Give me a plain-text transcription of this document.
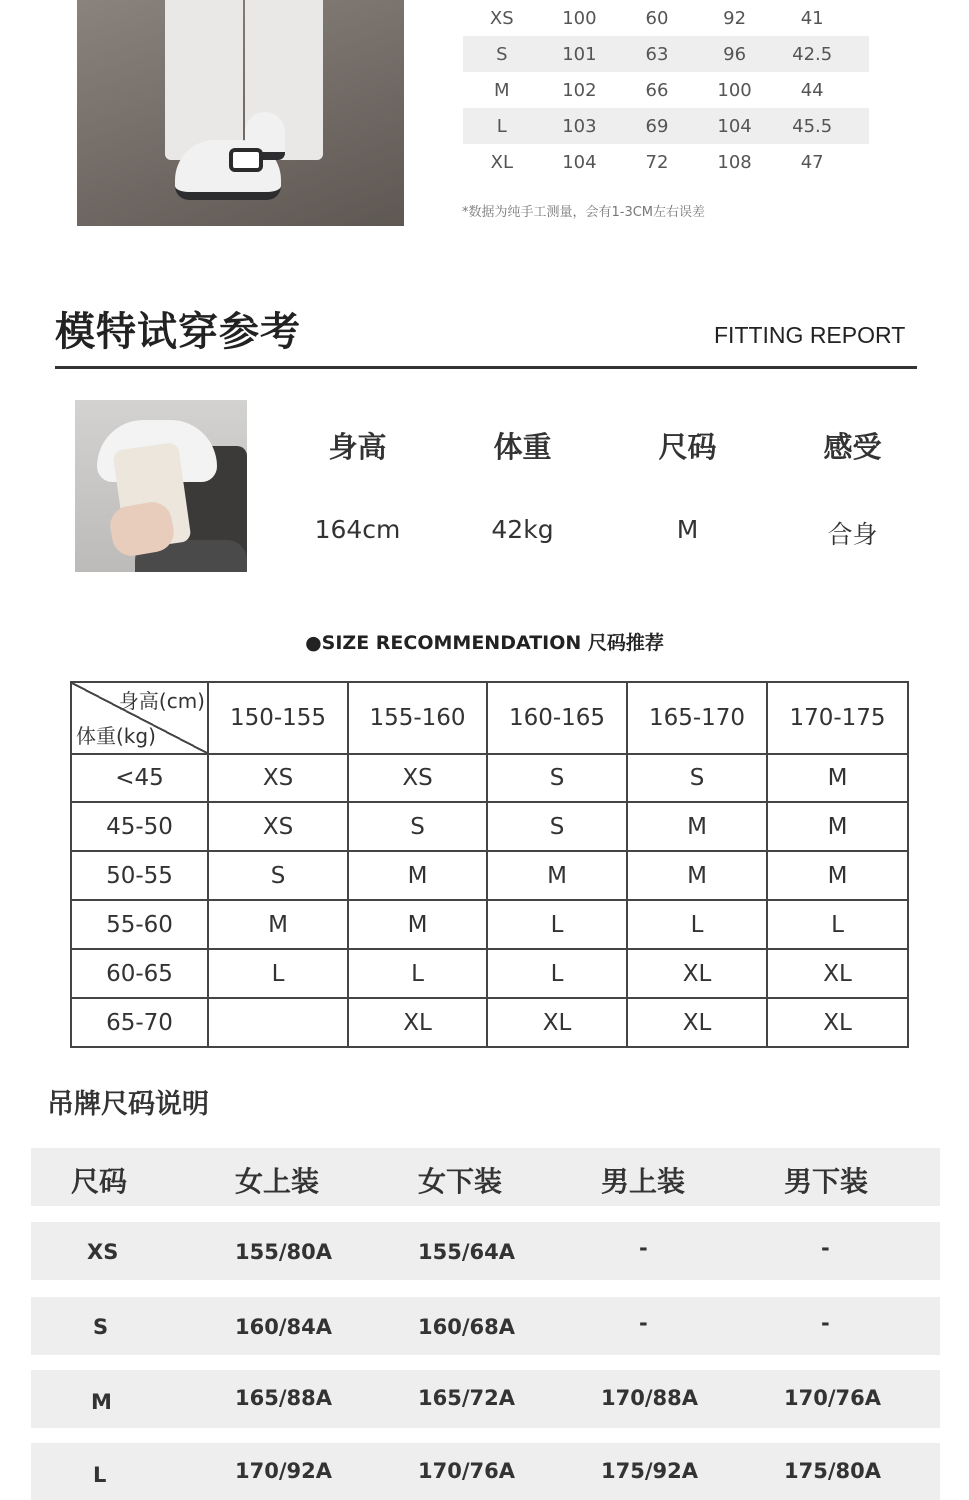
XS	100	60	92	41
S	101	63	96	42.5
M	102	66	100	44
L	103	69	104	45.5
XL	104	72	108	47
*数据为纯手工测量，会有1-3CM左右误差
模特试穿参考	FITTING REPORT
身高	体重	尺码	感受
164cm	42kg	M	合身
●SIZE RECOMMENDATION 尺码推荐
身高(cm)
体重(kg)	150-155	155-160	160-165	165-170	170-175
<45	XS	XS	S	S	M
45-50	XS	S	S	M	M
50-55	S	M	M	M	M
55-60	M	M	L	L	L
60-65	L	L	L	XL	XL
65-70		XL	XL	XL	XL
吊牌尺码说明
尺码	女上装	女下装	男上装	男下装
XS	155/80A	155/64A	-	-
S	160/84A	160/68A	-	-
M	165/88A	165/72A	170/88A	170/76A
L	170/92A	170/76A	175/92A	175/80A
